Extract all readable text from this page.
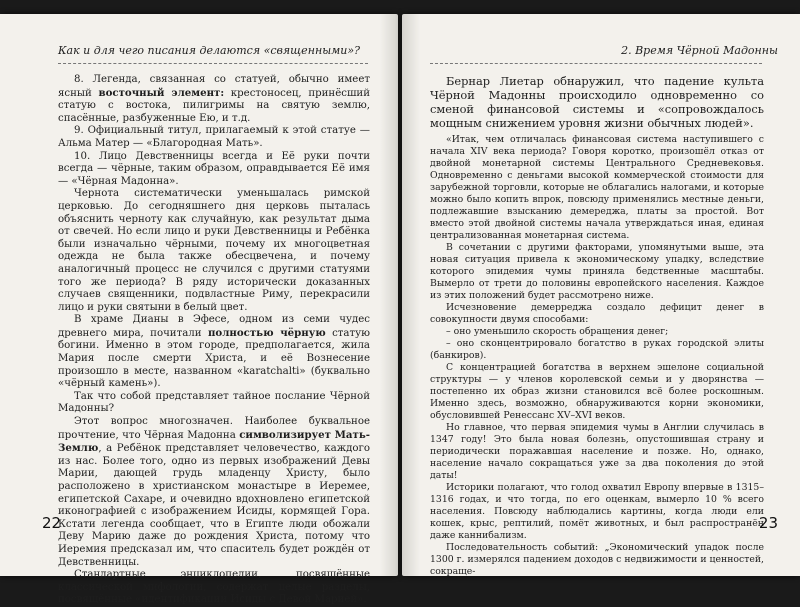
Как и для чего писания делаются «священными»?

8. Легенда, связанная со статуей, обычно имеет ясный восточный элемент: крестоносец, принёсший статую с востока, пилигримы на святую землю, спасённые, разбуженные Ею, и т.д.

9. Официальный титул, прилагаемый к этой статуе — Альма Матер — «Благородная Мать».

10. Лицо Девственницы всегда и Её руки почти всегда — чёрные, таким образом, оправдывается Её имя — «Чёрная Мадонна».

Чернота систематически уменьшалась римской церковью. До сегодняшнего дня церковь пыталась объяснить черноту как случайную, как результат дыма от свечей. Но если лицо и руки Девственницы и Ребёнка были изначально чёрными, почему их многоцветная одежда не была также обесцвечена, и почему аналогичный процесс не случился с другими статуями того же периода? В ряду исторически доказанных случаев священники, подвластные Риму, перекрасили лицо и руки святыни в белый цвет.

В храме Дианы в Эфесе, одном из семи чудес древнего мира, почитали полностью чёрную статую богини. Именно в этом городе, предполагается, жила Мария после смерти Христа, и её Вознесение произошло в месте, названном «karatchalti» (буквально «чёрный камень»).

Так что собой представляет тайное послание Чёрной Мадонны?

Этот вопрос многозначен. Наиболее буквальное прочтение, что Чёрная Мадонна символизирует Мать-Землю, а Ребёнок представляет человечество, каждого из нас. Более того, одно из первых изображений Девы Марии, дающей грудь младенцу Христу, было расположено в христианском монастыре в Иеремее, египетской Сахаре, и очевидно вдохновлено египетской иконографией с изображением Исиды, кормящей Гора. Кстати легенда сообщает, что в Египте люди обожали Деву Марию даже до рождения Христа, потому что Иеремия предсказал им, что спаситель будет рождён от Девственницы.

Стандартные энциклопедии, посвящённые классической мифологии, содержат целые разделы, посвящённые «идентификации Исиды с Девой Марией».

22
2. Время Чёрной Мадонны

Бернар Лиетар обнаружил, что падение культа Чёрной Мадонны происходило одновременно со сменой финансовой системы и «сопровождалось мощным снижением уровня жизни обычных людей».

«Итак, чем отличалась финансовая система наступившего с начала XIV века периода? Говоря коротко, произошёл отказ от двойной монетарной системы Центрального Средневековья. Одновременно с деньгами высокой коммерческой стоимости для зарубежной торговли, которые не облагались налогами, и которые можно было копить впрок, повсюду применялись местные деньги, подлежавшие взысканию демереджа, платы за простой. Вот вместо этой двойной системы начала утверждаться иная, единая централизованная монетарная система.

В сочетании с другими факторами, упомянутыми выше, эта новая ситуация привела к экономическому упадку, вследствие которого эпидемия чумы приняла бедственные масштабы. Вымерло от трети до половины европейского населения. Каждое из этих положений будет рассмотрено ниже.

Исчезновение демерреджа создало дефицит денег в совокупности двумя способами:

– оно уменьшило скорость обращения денег;

– оно сконцентрировало богатство в руках городской элиты (банкиров).

С концентрацией богатства в верхнем эшелоне социальной структуры — у членов королевской семьи и у дворянства — постепенно их образ жизни становился всё более роскошным. Именно здесь, возможно, обнаруживаются корни экономики, обусловившей Ренессанс XV–XVI веков.

Но главное, что первая эпидемия чумы в Англии случилась в 1347 году! Это была новая болезнь, опустошившая страну и периодически поражавшая население и позже. Но, однако, население начало сокращаться уже за два поколения до этой даты!

Историки полагают, что голод охватил Европу впервые в 1315–1316 годах, и что тогда, по его оценкам, вымерло 10 % всего населения. Повсюду наблюдались картины, когда люди ели кошек, крыс, рептилий, помёт животных, и был распространён даже каннибализм.

Последовательность событий: „Экономический упадок после 1300 г. измерялся падением доходов с недвижимости и ценностей, сокраще-

23
